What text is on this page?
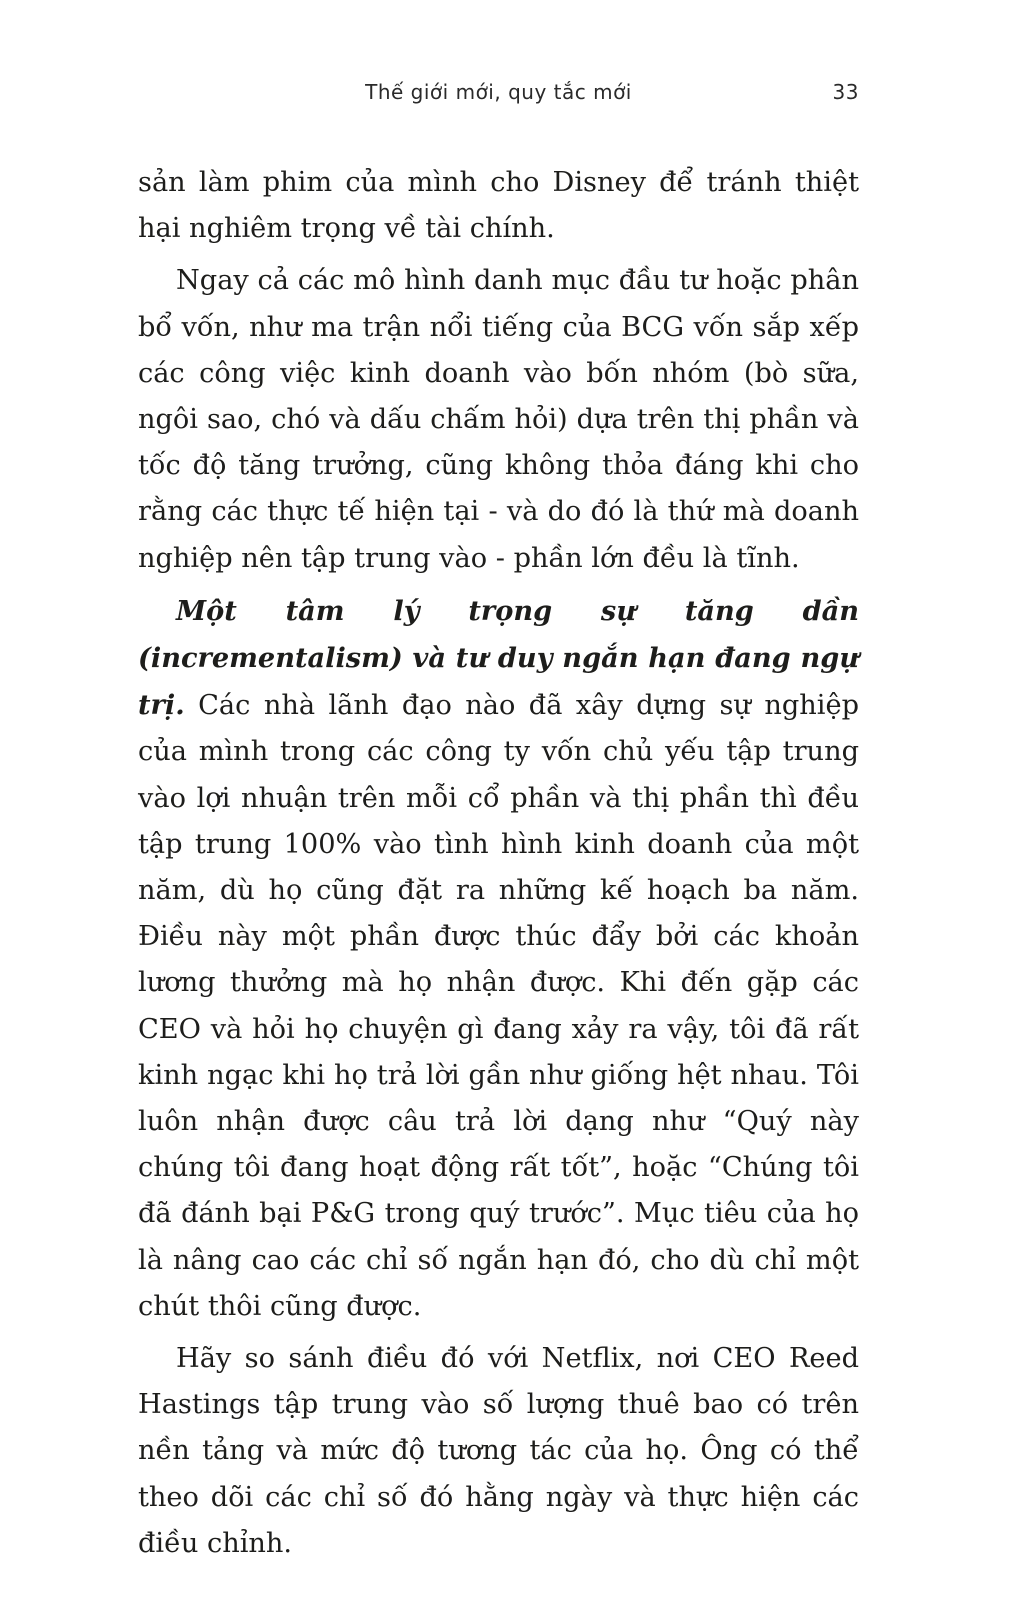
Thế giới mới, quy tắc mới	33

sản làm phim của mình cho Disney để tránh thiệt hại nghiêm trọng về tài chính.

Ngay cả các mô hình danh mục đầu tư hoặc phân bổ vốn, như ma trận nổi tiếng của BCG vốn sắp xếp các công việc kinh doanh vào bốn nhóm (bò sữa, ngôi sao, chó và dấu chấm hỏi) dựa trên thị phần và tốc độ tăng trưởng, cũng không thỏa đáng khi cho rằng các thực tế hiện tại - và do đó là thứ mà doanh nghiệp nên tập trung vào - phần lớn đều là tĩnh.

Một tâm lý trọng sự tăng dần (incrementalism) và tư duy ngắn hạn đang ngự trị. Các nhà lãnh đạo nào đã xây dựng sự nghiệp của mình trong các công ty vốn chủ yếu tập trung vào lợi nhuận trên mỗi cổ phần và thị phần thì đều tập trung 100% vào tình hình kinh doanh của một năm, dù họ cũng đặt ra những kế hoạch ba năm. Điều này một phần được thúc đẩy bởi các khoản lương thưởng mà họ nhận được. Khi đến gặp các CEO và hỏi họ chuyện gì đang xảy ra vậy, tôi đã rất kinh ngạc khi họ trả lời gần như giống hệt nhau. Tôi luôn nhận được câu trả lời dạng như “Quý này chúng tôi đang hoạt động rất tốt”, hoặc “Chúng tôi đã đánh bại P&G trong quý trước”. Mục tiêu của họ là nâng cao các chỉ số ngắn hạn đó, cho dù chỉ một chút thôi cũng được.

Hãy so sánh điều đó với Netflix, nơi CEO Reed Hastings tập trung vào số lượng thuê bao có trên nền tảng và mức độ tương tác của họ. Ông có thể theo dõi các chỉ số đó hằng ngày và thực hiện các điều chỉnh.
